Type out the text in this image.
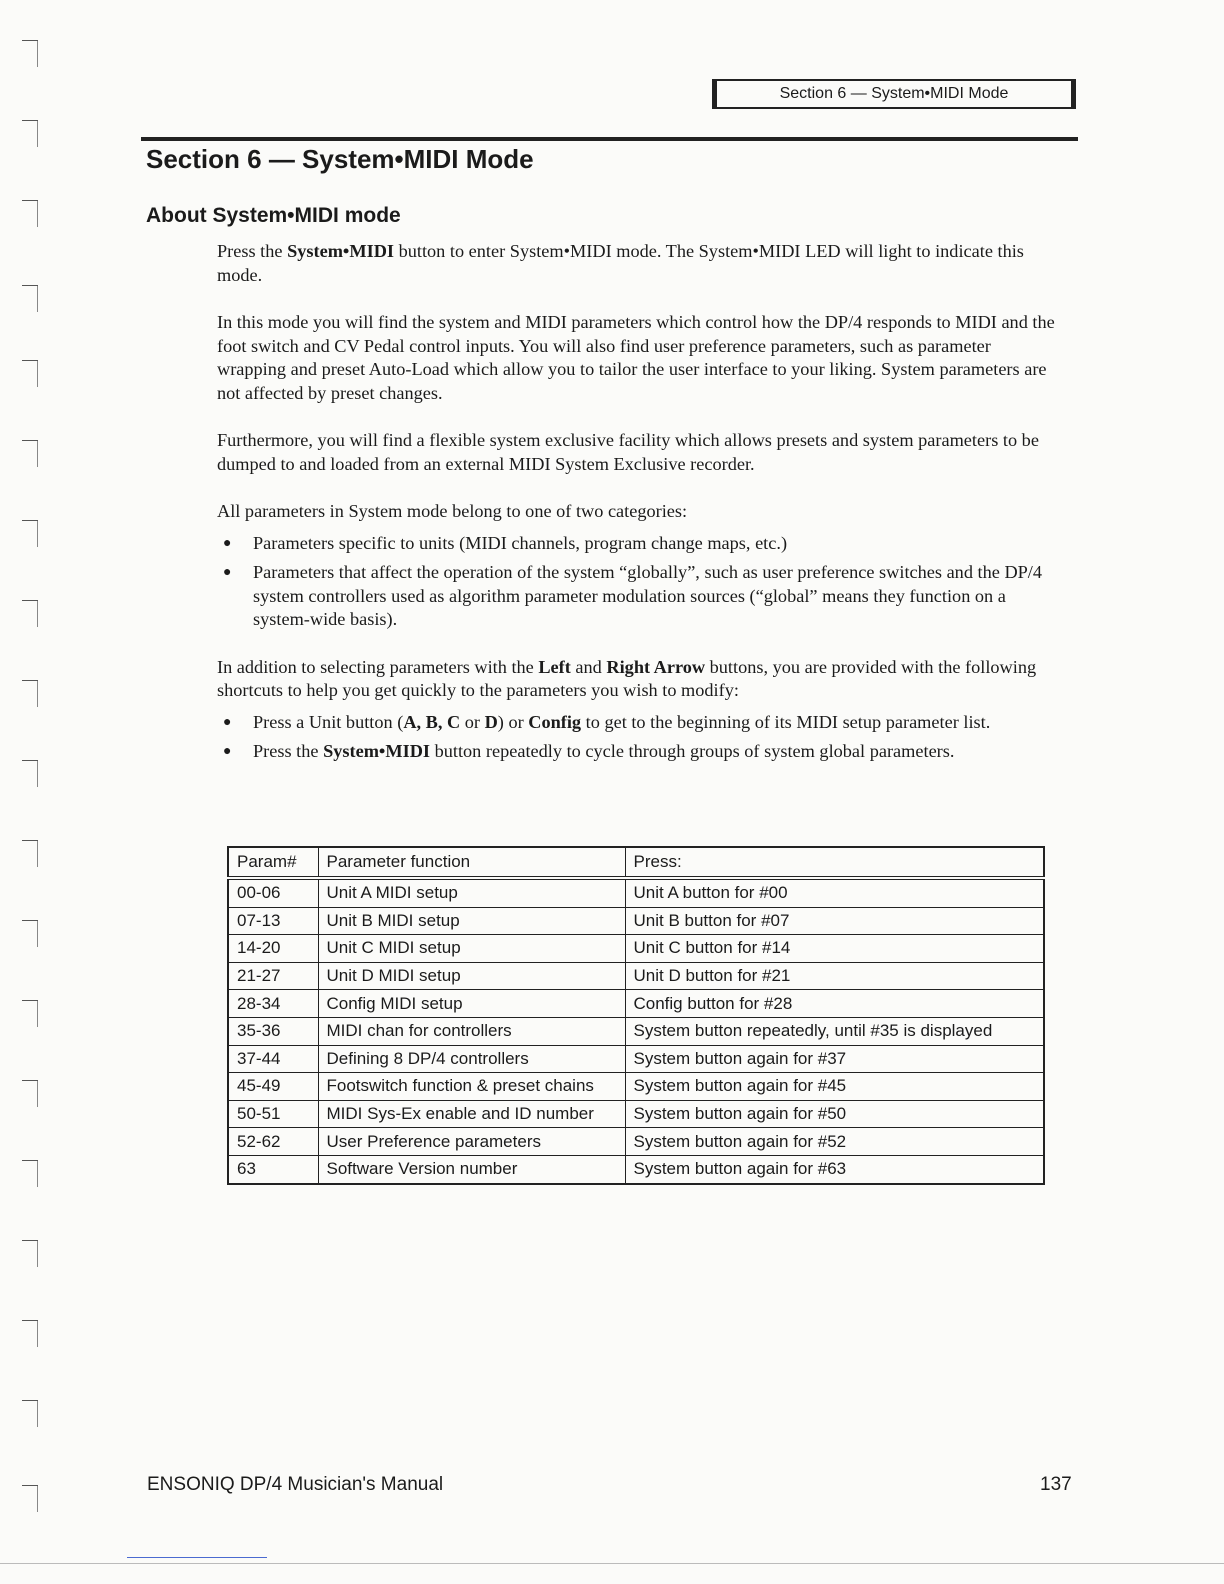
Section 6 — System•MIDI Mode
Section 6 — System•MIDI Mode
About System•MIDI mode

Press the System•MIDI button to enter System•MIDI mode. The System•MIDI LED will light to indicate this mode.

In this mode you will find the system and MIDI parameters which control how the DP/4 responds to MIDI and the foot switch and CV Pedal control inputs. You will also find user preference parameters, such as parameter wrapping and preset Auto-Load which allow you to tailor the user interface to your liking. System parameters are not affected by preset changes.

Furthermore, you will find a flexible system exclusive facility which allows presets and system parameters to be dumped to and loaded from an external MIDI System Exclusive recorder.

All parameters in System mode belong to one of two categories:

● Parameters specific to units (MIDI channels, program change maps, etc.)
● Parameters that affect the operation of the system “globally”, such as user preference switches and the DP/4 system controllers used as algorithm parameter modulation sources (“global” means they function on a system-wide basis).

In addition to selecting parameters with the Left and Right Arrow buttons, you are provided with the following shortcuts to help you get quickly to the parameters you wish to modify:

● Press a Unit button (A, B, C or D) or Config to get to the beginning of its MIDI setup parameter list.
● Press the System•MIDI button repeatedly to cycle through groups of system global parameters.
Param#	Parameter function	Press:
00-06	Unit A MIDI setup	Unit A button for #00
07-13	Unit B MIDI setup	Unit B button for #07
14-20	Unit C MIDI setup	Unit C button for #14
21-27	Unit D MIDI setup	Unit D button for #21
28-34	Config MIDI setup	Config button for #28
35-36	MIDI chan for controllers	System button repeatedly, until #35 is displayed
37-44	Defining 8 DP/4 controllers	System button again for #37
45-49	Footswitch function & preset chains	System button again for #45
50-51	MIDI Sys-Ex enable and ID number	System button again for #50
52-62	User Preference parameters	System button again for #52
63	Software Version number	System button again for #63
ENSONIQ DP/4 Musician's Manual	137
